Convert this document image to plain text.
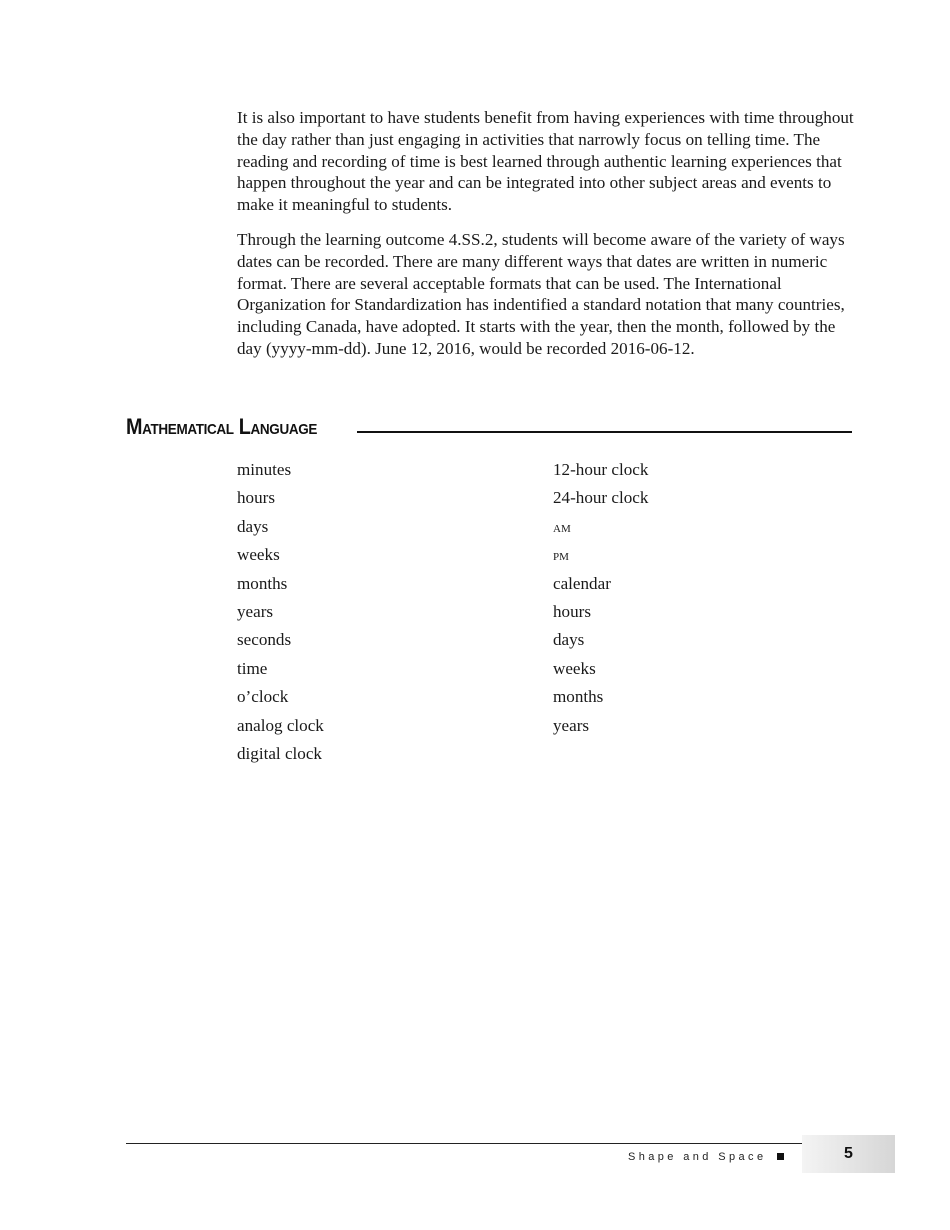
It is also important to have students benefit from having experiences with time throughout the day rather than just engaging in activities that narrowly focus on telling time. The reading and recording of time is best learned through authentic learning experiences that happen throughout the year and can be integrated into other subject areas and events to make it meaningful to students.

Through the learning outcome 4.SS.2, students will become aware of the variety of ways dates can be recorded. There are many different ways that dates are written in numeric format. There are several acceptable formats that can be used. The International Organization for Standardization has indentified a standard notation that many countries, including Canada, have adopted. It starts with the year, then the month, followed by the day (yyyy-mm-dd). June 12, 2016, would be recorded 2016-06-12.

Mathematical Language
minutes
hours
days
weeks
months
years
seconds
time
o’clock
analog clock
digital clock
12-hour clock
24-hour clock
am
pm
calendar
hours
days
weeks
months
years
Shape and Space	5
